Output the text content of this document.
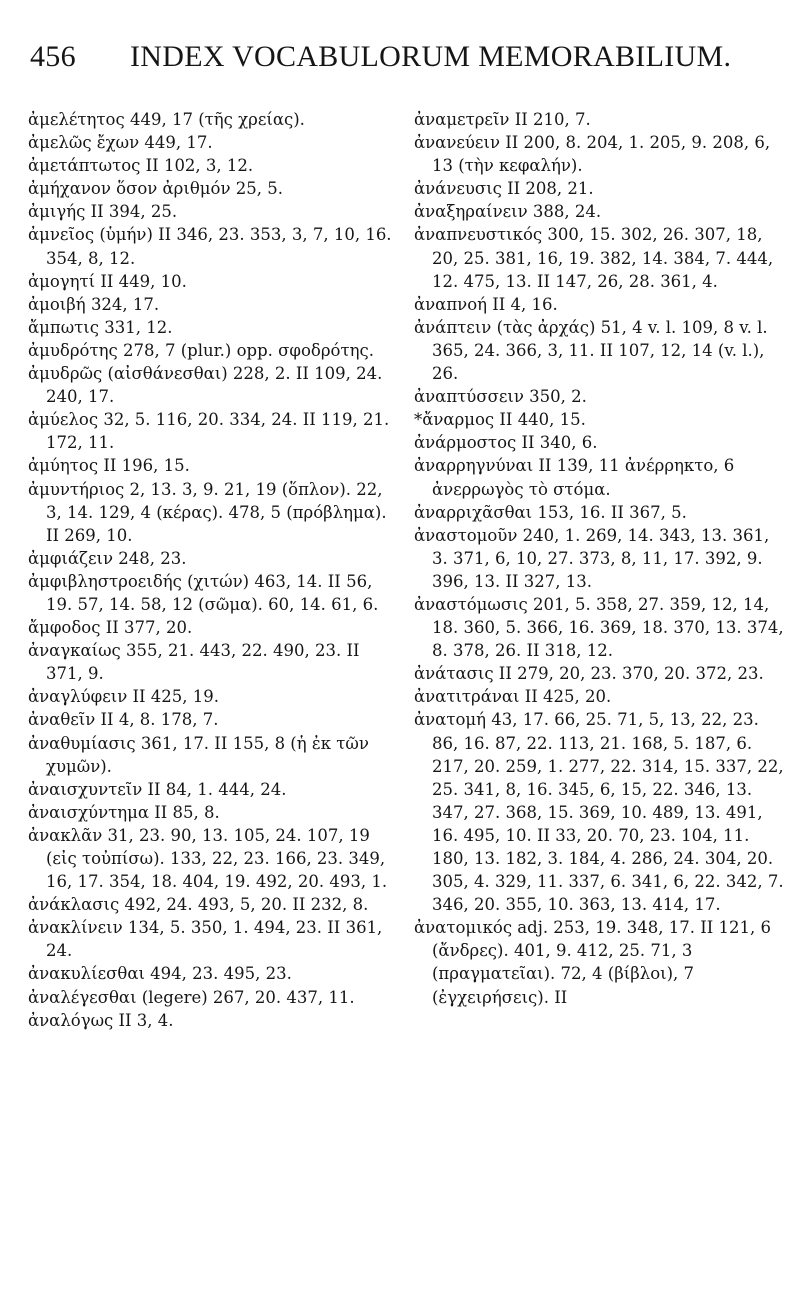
456	INDEX VOCABULORUM MEMORABILIUM.

ἀμελέτητος 449, 17 (τῆς χρείας).

ἀμελῶς ἔχων 449, 17.

ἀμετάπτωτος II 102, 3, 12.

ἀμήχανον ὅσον ἀριθμόν 25, 5.

ἀμιγής II 394, 25.

ἀμνεῖος (ὑμήν) II 346, 23. 353, 3, 7, 10, 16. 354, 8, 12.

ἀμογητί II 449, 10.

ἀμοιβή 324, 17.

ἄμπωτις 331, 12.

ἀμυδρότης 278, 7 (plur.) opp. σφοδρότης.

ἀμυδρῶς (αἰσθάνεσθαι) 228, 2. II 109, 24. 240, 17.

ἀμύελος 32, 5. 116, 20. 334, 24. II 119, 21. 172, 11.

ἀμύητος II 196, 15.

ἀμυντήριος 2, 13. 3, 9. 21, 19 (ὅπλον). 22, 3, 14. 129, 4 (κέρας). 478, 5 (πρόβλημα). II 269, 10.

ἀμφιάζειν 248, 23.

ἀμφιβληστροειδής (χιτών) 463, 14. II 56, 19. 57, 14. 58, 12 (σῶμα). 60, 14. 61, 6.

ἄμφοδος II 377, 20.

ἀναγκαίως 355, 21. 443, 22. 490, 23. II 371, 9.

ἀναγλύφειν II 425, 19.

ἀναθεῖν II 4, 8. 178, 7.

ἀναθυμίασις 361, 17. II 155, 8 (ἡ ἐκ τῶν χυμῶν).

ἀναισχυντεῖν II 84, 1. 444, 24.

ἀναισχύντημα II 85, 8.

ἀνακλᾶν 31, 23. 90, 13. 105, 24. 107, 19 (εἰς τοὐπίσω). 133, 22, 23. 166, 23. 349, 16, 17. 354, 18. 404, 19. 492, 20. 493, 1.

ἀνάκλασις 492, 24. 493, 5, 20. II 232, 8.

ἀνακλίνειν 134, 5. 350, 1. 494, 23. II 361, 24.

ἀνακυλίεσθαι 494, 23. 495, 23.

ἀναλέγεσθαι (legere) 267, 20. 437, 11.

ἀναλόγως II 3, 4.

ἀναμετρεῖν II 210, 7.

ἀνανεύειν II 200, 8. 204, 1. 205, 9. 208, 6, 13 (τὴν κεφαλήν).

ἀνάνευσις II 208, 21.

ἀναξηραίνειν 388, 24.

ἀναπνευστικός 300, 15. 302, 26. 307, 18, 20, 25. 381, 16, 19. 382, 14. 384, 7. 444, 12. 475, 13. II 147, 26, 28. 361, 4.

ἀναπνοή II 4, 16.

ἀνάπτειν (τὰς ἀρχάς) 51, 4 v. l. 109, 8 v. l. 365, 24. 366, 3, 11. II 107, 12, 14 (v. l.), 26.

ἀναπτύσσειν 350, 2.

*ἄναρμος II 440, 15.

ἀνάρμοστος II 340, 6.

ἀναρρηγνύναι II 139, 11 ἀνέρρηκτο, 6 ἀνερρωγὸς τὸ στόμα.

ἀναρριχᾶσθαι 153, 16. II 367, 5.

ἀναστομοῦν 240, 1. 269, 14. 343, 13. 361, 3. 371, 6, 10, 27. 373, 8, 11, 17. 392, 9. 396, 13. II 327, 13.

ἀναστόμωσις 201, 5. 358, 27. 359, 12, 14, 18. 360, 5. 366, 16. 369, 18. 370, 13. 374, 8. 378, 26. II 318, 12.

ἀνάτασις II 279, 20, 23. 370, 20. 372, 23.

ἀνατιτράναι II 425, 20.

ἀνατομή 43, 17. 66, 25. 71, 5, 13, 22, 23. 86, 16. 87, 22. 113, 21. 168, 5. 187, 6. 217, 20. 259, 1. 277, 22. 314, 15. 337, 22, 25. 341, 8, 16. 345, 6, 15, 22. 346, 13. 347, 27. 368, 15. 369, 10. 489, 13. 491, 16. 495, 10. II 33, 20. 70, 23. 104, 11. 180, 13. 182, 3. 184, 4. 286, 24. 304, 20. 305, 4. 329, 11. 337, 6. 341, 6, 22. 342, 7. 346, 20. 355, 10. 363, 13. 414, 17.

ἀνατομικός adj. 253, 19. 348, 17. II 121, 6 (ἄνδρες). 401, 9. 412, 25. 71, 3 (πραγματεῖαι). 72, 4 (βίβλοι), 7 (ἐγχειρήσεις). II
